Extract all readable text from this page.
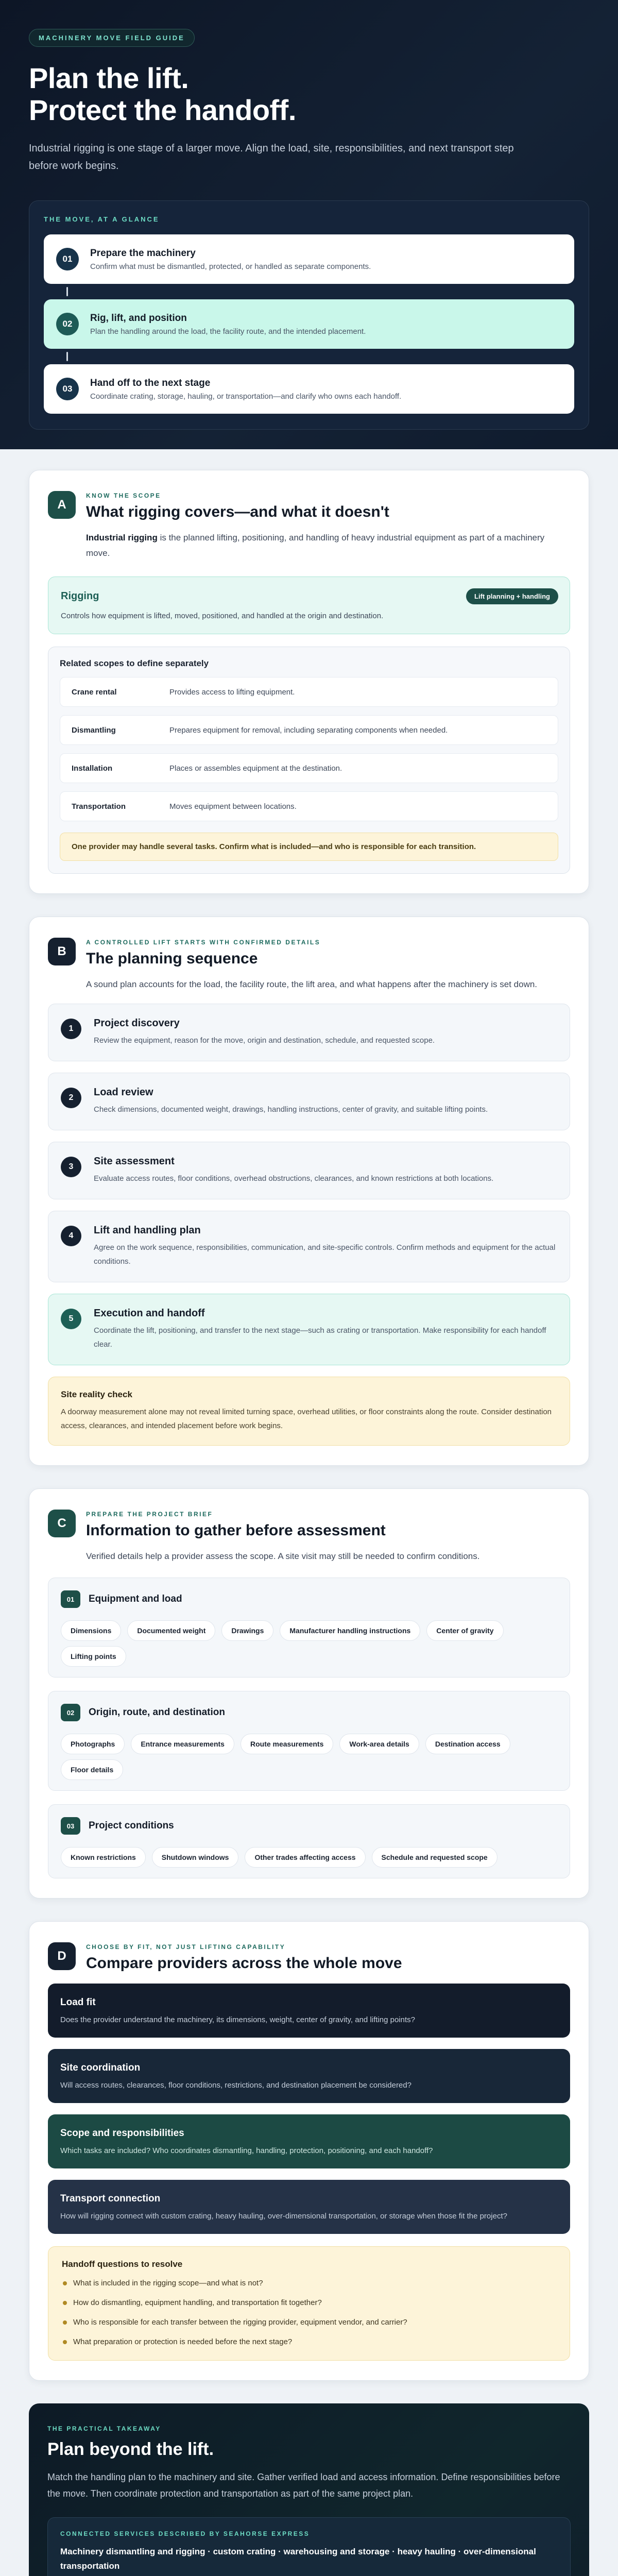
MACHINERY MOVE FIELD GUIDE
Plan the lift.
Protect the handoff.

Industrial rigging is one stage of a larger move. Align the load, site, responsibilities, and next transport step before work begins.

THE MOVE, AT A GLANCE
01
Prepare the machinery
Confirm what must be dismantled, protected, or handled as separate components.
02
Rig, lift, and position
Plan the handling around the load, the facility route, and the intended placement.
03
Hand off to the next stage
Coordinate crating, storage, hauling, or transportation—and clarify who owns each handoff.
A
KNOW THE SCOPE
What rigging covers—and what it doesn't

Industrial rigging is the planned lifting, positioning, and handling of heavy industrial equipment as part of a machinery move.

Rigging	Lift planning + handling
Controls how equipment is lifted, moved, positioned, and handled at the origin and destination.
Related scopes to define separately
Crane rental	Provides access to lifting equipment.
Dismantling	Prepares equipment for removal, including separating components when needed.
Installation	Places or assembles equipment at the destination.
Transportation	Moves equipment between locations.
One provider may handle several tasks. Confirm what is included—and who is responsible for each transition.
B
A CONTROLLED LIFT STARTS WITH CONFIRMED DETAILS
The planning sequence

A sound plan accounts for the load, the facility route, the lift area, and what happens after the machinery is set down.

1	Project discovery
Review the equipment, reason for the move, origin and destination, schedule, and requested scope.
2	Load review
Check dimensions, documented weight, drawings, handling instructions, center of gravity, and suitable lifting points.
3	Site assessment
Evaluate access routes, floor conditions, overhead obstructions, clearances, and known restrictions at both locations.
4	Lift and handling plan
Agree on the work sequence, responsibilities, communication, and site-specific controls. Confirm methods and equipment for the actual conditions.
5	Execution and handoff
Coordinate the lift, positioning, and transfer to the next stage—such as crating or transportation. Make responsibility for each handoff clear.
Site reality check
A doorway measurement alone may not reveal limited turning space, overhead utilities, or floor constraints along the route. Consider destination access, clearances, and intended placement before work begins.
C
PREPARE THE PROJECT BRIEF
Information to gather before assessment

Verified details help a provider assess the scope. A site visit may still be needed to confirm conditions.

01	Equipment and load
Dimensions	Documented weight	Drawings	Manufacturer handling instructions	Center of gravity
Lifting points
02	Origin, route, and destination
Photographs	Entrance measurements	Route measurements	Work-area details	Destination access
Floor details
03	Project conditions
Known restrictions	Shutdown windows	Other trades affecting access	Schedule and requested scope
D
CHOOSE BY FIT, NOT JUST LIFTING CAPABILITY
Compare providers across the whole move
Load fit
Does the provider understand the machinery, its dimensions, weight, center of gravity, and lifting points?
Site coordination
Will access routes, clearances, floor conditions, restrictions, and destination placement be considered?
Scope and responsibilities
Which tasks are included? Who coordinates dismantling, handling, protection, positioning, and each handoff?
Transport connection
How will rigging connect with custom crating, heavy hauling, over-dimensional transportation, or storage when those fit the project?
Handoff questions to resolve
What is included in the rigging scope—and what is not?
How do dismantling, equipment handling, and transportation fit together?
Who is responsible for each transfer between the rigging provider, equipment vendor, and carrier?
What preparation or protection is needed before the next stage?
THE PRACTICAL TAKEAWAY
Plan beyond the lift.

Match the handling plan to the machinery and site. Gather verified load and access information. Define responsibilities before the move. Then coordinate protection and transportation as part of the same project plan.

CONNECTED SERVICES DESCRIBED BY SEAHORSE EXPRESS
Machinery dismantling and rigging · custom crating · warehousing and storage · heavy hauling · over-dimensional transportation
